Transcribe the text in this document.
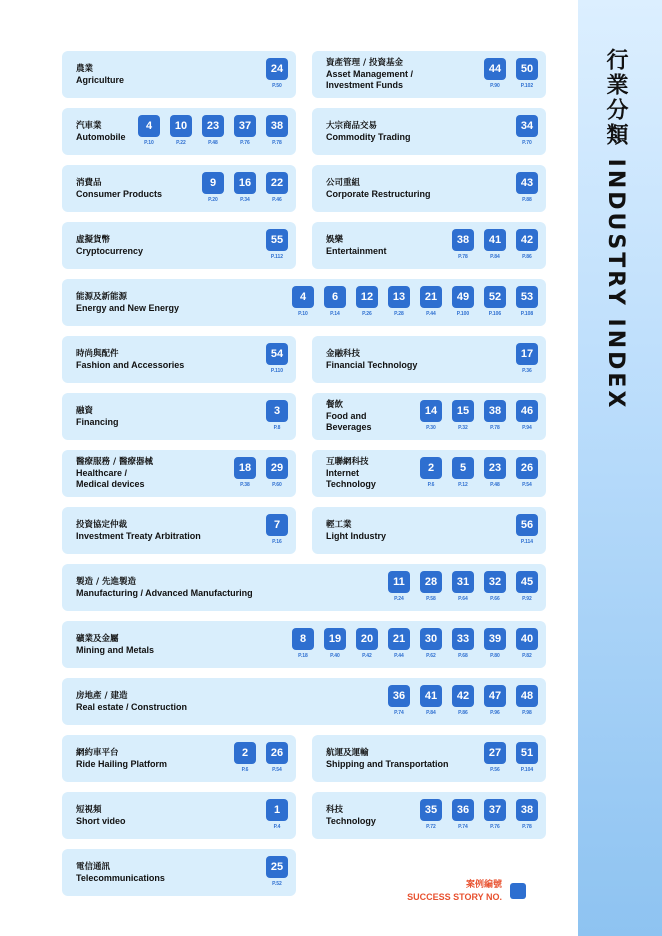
行業分類 INDUSTRY INDEX
農業
Agriculture
24
P.50
資產管理 / 投資基金
Asset Management /
Investment Funds
44
P.90
50
P.102
汽車業
Automobile
4
P.10
10
P.22
23
P.48
37
P.76
38
P.78
大宗商品交易
Commodity Trading
34
P.70
消費品
Consumer Products
9
P.20
16
P.34
22
P.46
公司重組
Corporate Restructuring
43
P.88
虛擬貨幣
Cryptocurrency
55
P.112
娛樂
Entertainment
38
P.78
41
P.84
42
P.86
能源及新能源
Energy and New Energy
4
P.10
6
P.14
12
P.26
13
P.28
21
P.44
49
P.100
52
P.106
53
P.108
時尚與配件
Fashion and Accessories
54
P.110
金融科技
Financial Technology
17
P.36
融資
Financing
3
P.8
餐飲
Food and
Beverages
14
P.30
15
P.32
38
P.78
46
P.94
醫療服務 / 醫療器械
Healthcare /
Medical devices
18
P.38
29
P.60
互聯網科技
Internet
Technology
2
P.6
5
P.12
23
P.48
26
P.54
投資協定仲裁
Investment Treaty Arbitration
7
P.16
輕工業
Light Industry
56
P.114
製造 / 先進製造
Manufacturing / Advanced Manufacturing
11
P.24
28
P.58
31
P.64
32
P.66
45
P.92
礦業及金屬
Mining and Metals
8
P.18
19
P.40
20
P.42
21
P.44
30
P.62
33
P.68
39
P.80
40
P.82
房地產 / 建造
Real estate / Construction
36
P.74
41
P.84
42
P.86
47
P.96
48
P.98
網約車平台
Ride Hailing Platform
2
P.6
26
P.54
航運及運輸
Shipping and Transportation
27
P.56
51
P.104
短視頻
Short video
1
P.4
科技
Technology
35
P.72
36
P.74
37
P.76
38
P.78
電信通訊
Telecommunications
25
P.52	案例編號
SUCCESS STORY NO.
